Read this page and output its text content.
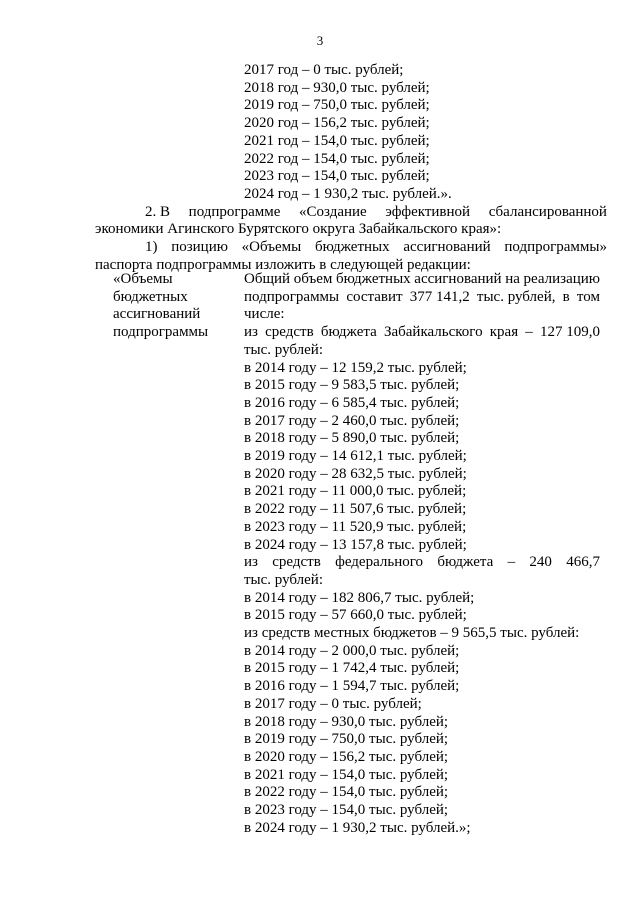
3
2017 год – 0 тыс. рублей;
2018 год – 930,0 тыс. рублей;
2019 год – 750,0 тыс. рублей;
2020 год – 156,2 тыс. рублей;
2021 год – 154,0 тыс. рублей;
2022 год – 154,0 тыс. рублей;
2023 год – 154,0 тыс. рублей;
2024 год – 1 930,2 тыс. рублей.».
2. В подпрограмме «Создание эффективной сбалансированной
экономики Агинского Бурятского округа Забайкальского края»:
1) позицию «Объемы бюджетных ассигнований подпрограммы»
паспорта подпрограммы изложить в следующей редакции:
«Объемы
бюджетных
ассигнований
подпрограммы
Общий объем бюджетных ассигнований на реализацию
подпрограммы составит 377 141,2 тыс. рублей, в том
числе:
из средств бюджета Забайкальского края – 127 109,0
тыс. рублей:
в 2014 году – 12 159,2 тыс. рублей;
в 2015 году – 9 583,5 тыс. рублей;
в 2016 году – 6 585,4 тыс. рублей;
в 2017 году – 2 460,0 тыс. рублей;
в 2018 году – 5 890,0 тыс. рублей;
в 2019 году – 14 612,1 тыс. рублей;
в 2020 году – 28 632,5 тыс. рублей;
в 2021 году – 11 000,0 тыс. рублей;
в 2022 году – 11 507,6 тыс. рублей;
в 2023 году – 11 520,9 тыс. рублей;
в 2024 году – 13 157,8 тыс. рублей;
из средств федерального бюджета – 240 466,7
тыс. рублей:
в 2014 году – 182 806,7 тыс. рублей;
в 2015 году – 57 660,0 тыс. рублей;
из средств местных бюджетов – 9 565,5 тыс. рублей:
в 2014 году – 2 000,0 тыс. рублей;
в 2015 году – 1 742,4 тыс. рублей;
в 2016 году – 1 594,7 тыс. рублей;
в 2017 году – 0 тыс. рублей;
в 2018 году – 930,0 тыс. рублей;
в 2019 году – 750,0 тыс. рублей;
в 2020 году – 156,2 тыс. рублей;
в 2021 году – 154,0 тыс. рублей;
в 2022 году – 154,0 тыс. рублей;
в 2023 году – 154,0 тыс. рублей;
в 2024 году – 1 930,2 тыс. рублей.»;
